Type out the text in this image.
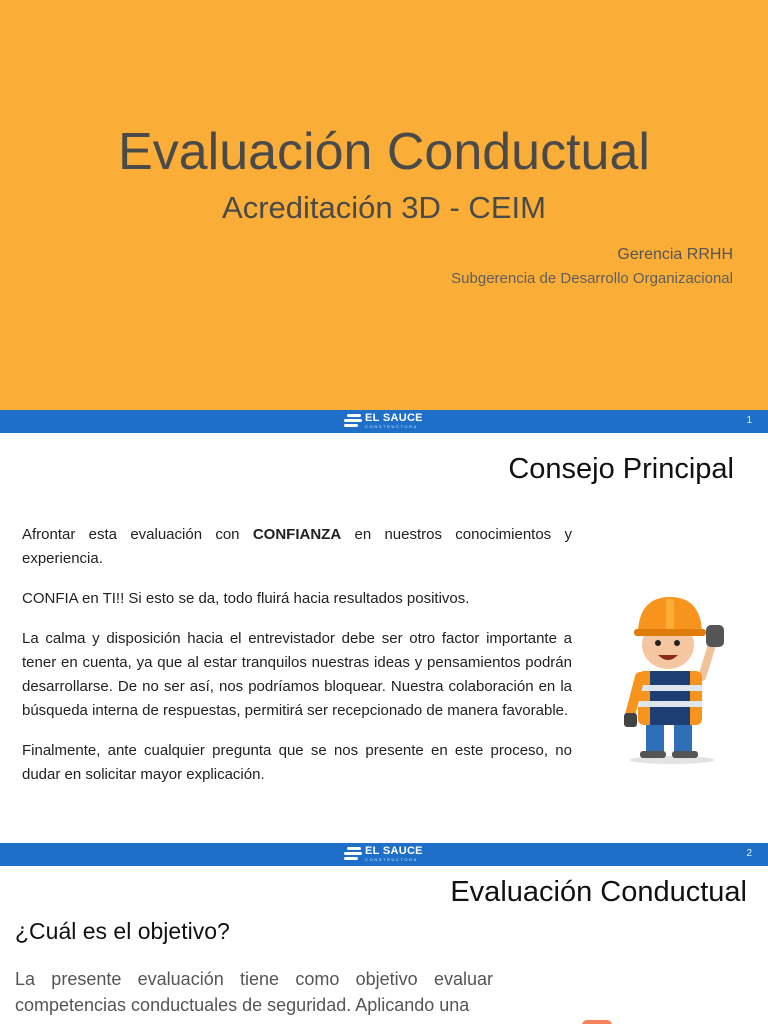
Evaluación Conductual
Acreditación 3D - CEIM
Gerencia RRHH
Subgerencia de Desarrollo Organizacional
EL SAUCE
CONSTRUCTORA
1
Consejo Principal

Afrontar esta evaluación con CONFIANZA en nuestros conocimientos y experiencia.

CONFIA en TI!! Si esto se da, todo fluirá hacia resultados positivos.

La calma y disposición hacia el entrevistador debe ser otro factor importante a tener en cuenta, ya que al estar tranquilos nuestras ideas y pensamientos podrán desarrollarse. De no ser así, nos podríamos bloquear. Nuestra colaboración en la búsqueda interna de respuestas, permitirá ser recepcionado de manera favorable.

Finalmente, ante cualquier pregunta que se nos presente en este proceso, no dudar en solicitar mayor explicación.

EL SAUCE
CONSTRUCTORA
2
Evaluación Conductual
¿Cuál es el objetivo?

La presente evaluación tiene como objetivo evaluar competencias conductuales de seguridad. Aplicando una
